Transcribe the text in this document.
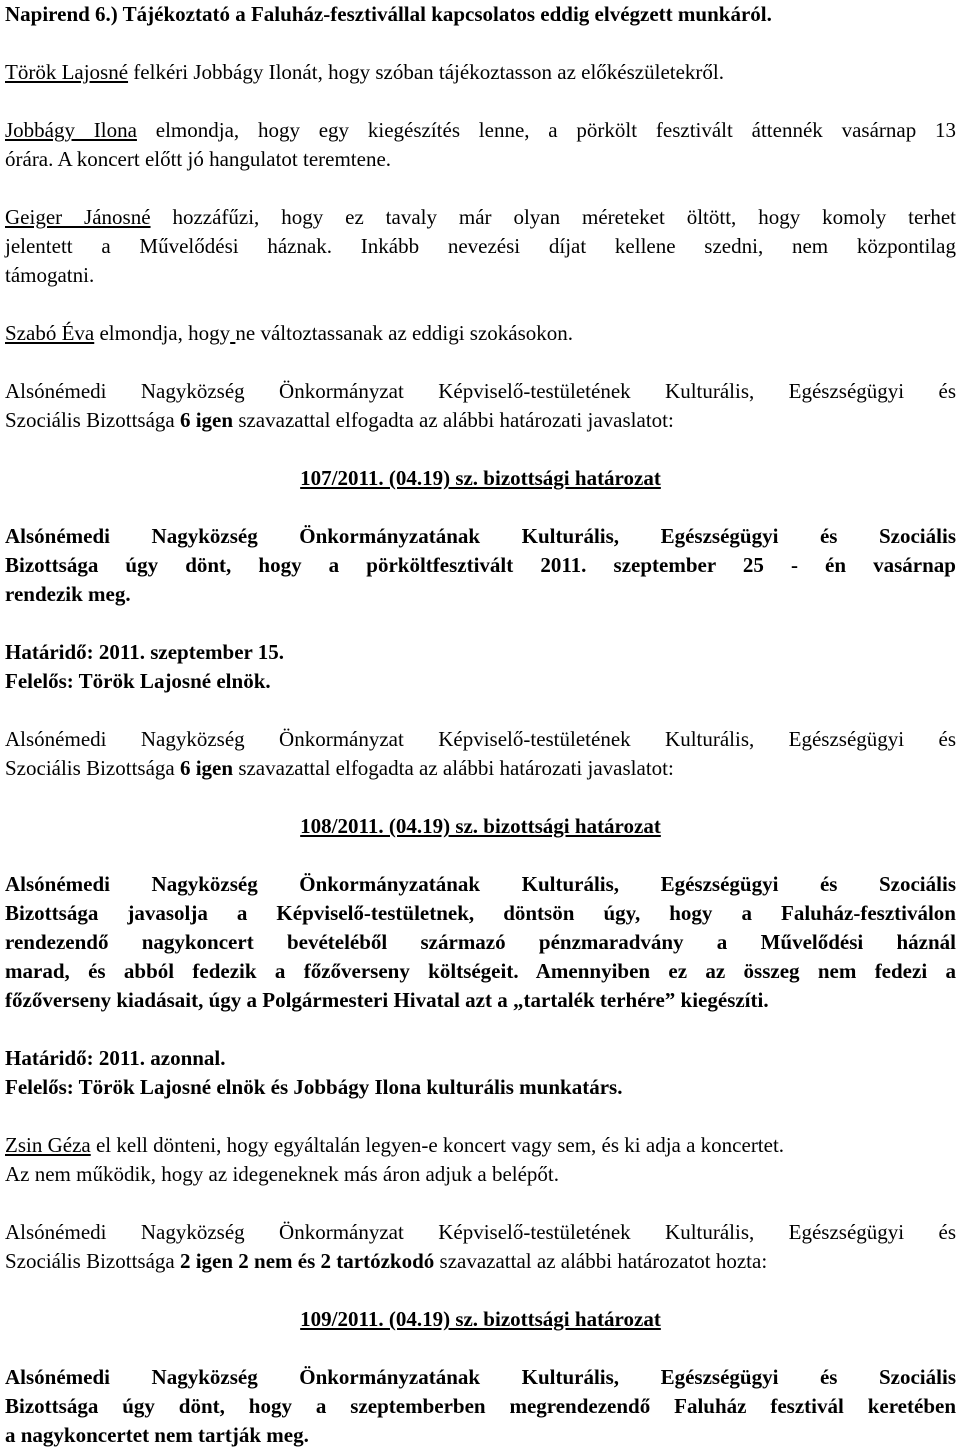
Napirend 6.) Tájékoztató a Faluház-fesztivállal kapcsolatos eddig elvégzett munkáról.

Török Lajosné felkéri Jobbágy Ilonát, hogy szóban tájékoztasson az előkészületekről.

Jobbágy Ilona elmondja, hogy egy kiegészítés lenne, a pörkölt fesztivált áttennék vasárnap 13

órára. A koncert előtt jó hangulatot teremtene.

Geiger Jánosné hozzáfűzi, hogy ez tavaly már olyan méreteket öltött, hogy komoly terhet

jelentett a Művelődési háznak. Inkább nevezési díjat kellene szedni, nem központilag

támogatni.

Szabó Éva elmondja, hogy ne változtassanak az eddigi szokásokon.

Alsónémedi Nagyközség Önkormányzat Képviselő-testületének Kulturális, Egészségügyi és

Szociális Bizottsága 6 igen szavazattal elfogadta az alábbi határozati javaslatot:

107/2011. (04.19) sz. bizottsági határozat

Alsónémedi Nagyközség Önkormányzatának Kulturális, Egészségügyi és Szociális

Bizottsága úgy dönt, hogy a pörköltfesztivált 2011. szeptember 25 - én vasárnap

rendezik meg.

Határidő: 2011. szeptember 15.

Felelős: Török Lajosné elnök.

Alsónémedi Nagyközség Önkormányzat Képviselő-testületének Kulturális, Egészségügyi és

Szociális Bizottsága 6 igen szavazattal elfogadta az alábbi határozati javaslatot:

108/2011. (04.19) sz. bizottsági határozat

Alsónémedi Nagyközség Önkormányzatának Kulturális, Egészségügyi és Szociális

Bizottsága javasolja a Képviselő-testületnek, döntsön úgy, hogy a Faluház-fesztiválon

rendezendő nagykoncert bevételéből származó pénzmaradvány a Művelődési háznál

marad, és abból fedezik a főzőverseny költségeit. Amennyiben ez az összeg nem fedezi a

főzőverseny kiadásait, úgy a Polgármesteri Hivatal azt a „tartalék terhére” kiegészíti.

Határidő: 2011. azonnal.

Felelős: Török Lajosné elnök és Jobbágy Ilona kulturális munkatárs.

Zsin Géza el kell dönteni, hogy egyáltalán legyen-e koncert vagy sem, és ki adja a koncertet.

Az nem működik, hogy az idegeneknek más áron adjuk a belépőt.

Alsónémedi Nagyközség Önkormányzat Képviselő-testületének Kulturális, Egészségügyi és

Szociális Bizottsága 2 igen 2 nem és 2 tartózkodó szavazattal az alábbi határozatot hozta:

109/2011. (04.19) sz. bizottsági határozat

Alsónémedi Nagyközség Önkormányzatának Kulturális, Egészségügyi és Szociális

Bizottsága úgy dönt, hogy a szeptemberben megrendezendő Faluház fesztivál keretében

a nagykoncertet nem tartják meg.
